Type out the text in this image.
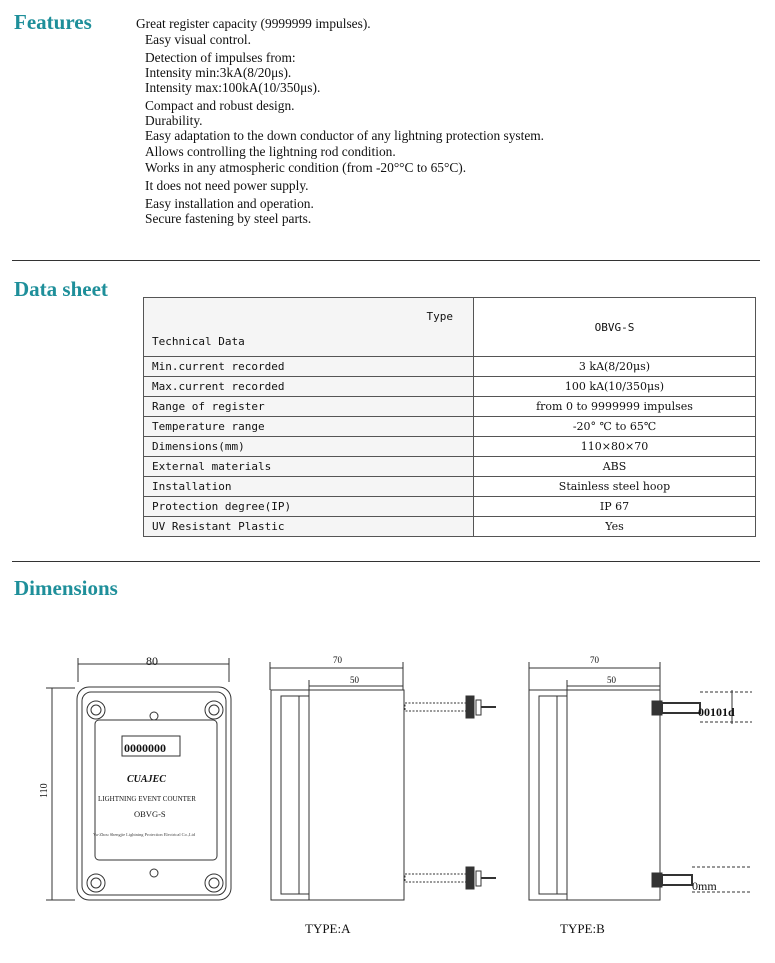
Features	Great register capacity (9999999 impulses).
Easy visual control.
Detection of impulses from:
Intensity min:3kA(8/20μs).
Intensity max:100kA(10/350μs).
Compact and robust design.
Durability.
Easy adaptation to the down conductor of any lightning protection system.
Allows controlling the lightning rod condition.
Works in any atmospheric condition (from -20°°C to 65°C).
It does not need power supply.
Easy installation and operation.
Secure fastening by steel parts.
Data sheet
Type
Technical Data	OBVG-S
Min.current recorded	3 kA(8/20μs)
Max.current recorded	100 kA(10/350μs)
Range of register	from 0 to 9999999 impulses
Temperature range	-20° ℃ to 65℃
Dimensions(mm)	110×80×70
External materials	ABS
Installation	Stainless steel hoop
Protection degree(IP)	IP 67
UV Resistant Plastic	Yes
Dimensions
80
110
0000000
CUAJEC
LIGHTNING EVENT COUNTER
OBVG-S
Yu-Zhou Shengjie Lightning Protection Electrical Co.,Ltd
70
50
70
50
00101d
0mm
TYPE:A	TYPE:B
